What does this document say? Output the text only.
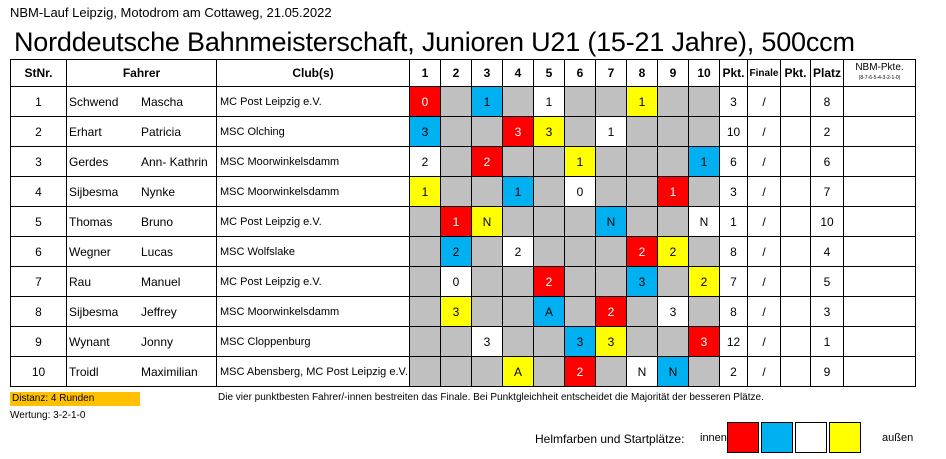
NBM-Lauf Leipzig, Motodrom am Cottaweg, 21.05.2022
Norddeutsche Bahnmeisterschaft, Junioren U21 (15-21 Jahre), 500ccm
StNr.	Fahrer	Club(s)	1	2	3	4	5	6	7	8	9	10	Pkt.	Finale	Pkt.	Platz	NBM-Pkte.
(8-7-6-5-4-3-2-1-0)

1	Schwend Mascha	MC Post Leipzig e.V.	0		1		1			1			3	/		8	
2	Erhart Patricia	MSC Olching	3			3	3		1				10	/		2	
3	Gerdes Ann- Kathrin	MSC Moorwinkelsdamm	2		2			1				1	6	/		6	
4	Sijbesma Nynke	MSC Moorwinkelsdamm	1			1		0			1		3	/		7	
5	Thomas Bruno	MC Post Leipzig e.V.		1	N				N			N	1	/		10	
6	Wegner Lucas	MSC Wolfslake		2		2				2	2		8	/		4	
7	Rau Manuel	MC Post Leipzig e.V.		0			2			3		2	7	/		5	
8	Sijbesma Jeffrey	MSC Moorwinkelsdamm		3			A		2		3		8	/		3	
9	Wynant Jonny	MSC Cloppenburg			3			3	3			3	12	/		1	
10	Troidl Maximilian	MSC Abensberg, MC Post Leipzig e.V.				A		2		N	N		2	/		9	
Distanz: 4 Runden
Wertung: 3-2-1-0
Die vier punktbesten Fahrer/-innen bestreiten das Finale. Bei Punktgleichheit entscheidet die Majorität der besseren Plätze.
Helmfarben und Startplätze: innen	außen
